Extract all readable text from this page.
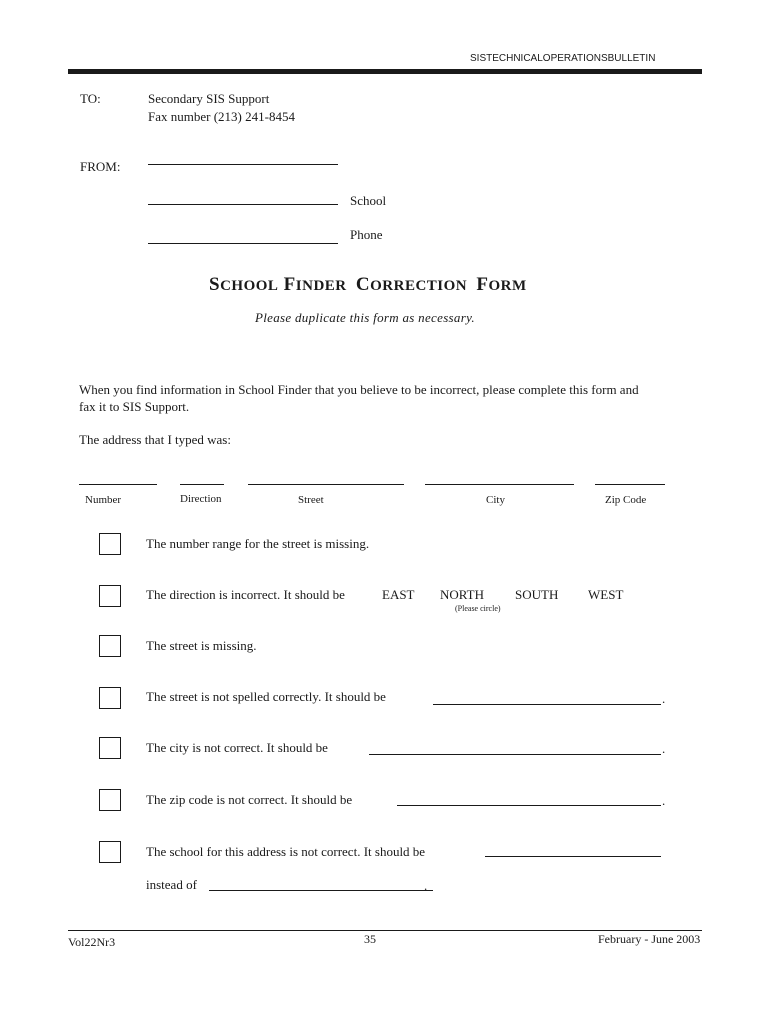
SISTECHNICALOPERATIONSBULLETIN
TO:	Secondary SIS Support
Fax number (213) 241-8454
FROM:
School
Phone
SCHOOL FINDER CORRECTION FORM
Please duplicate this form as necessary.
When you find information in School Finder that you believe to be incorrect, please complete this form and
fax it to SIS Support.
The address that I typed was:
Number	Direction	Street	City	Zip Code
The number range for the street is missing.
The direction is incorrect. It should be	EAST NORTH SOUTH WEST
(Please circle)
The street is missing.
The street is not spelled correctly. It should be	.
The city is not correct. It should be	.
The zip code is not correct. It should be	.
The school for this address is not correct. It should be
instead of	.
Vol22Nr3	35	February - June 2003
